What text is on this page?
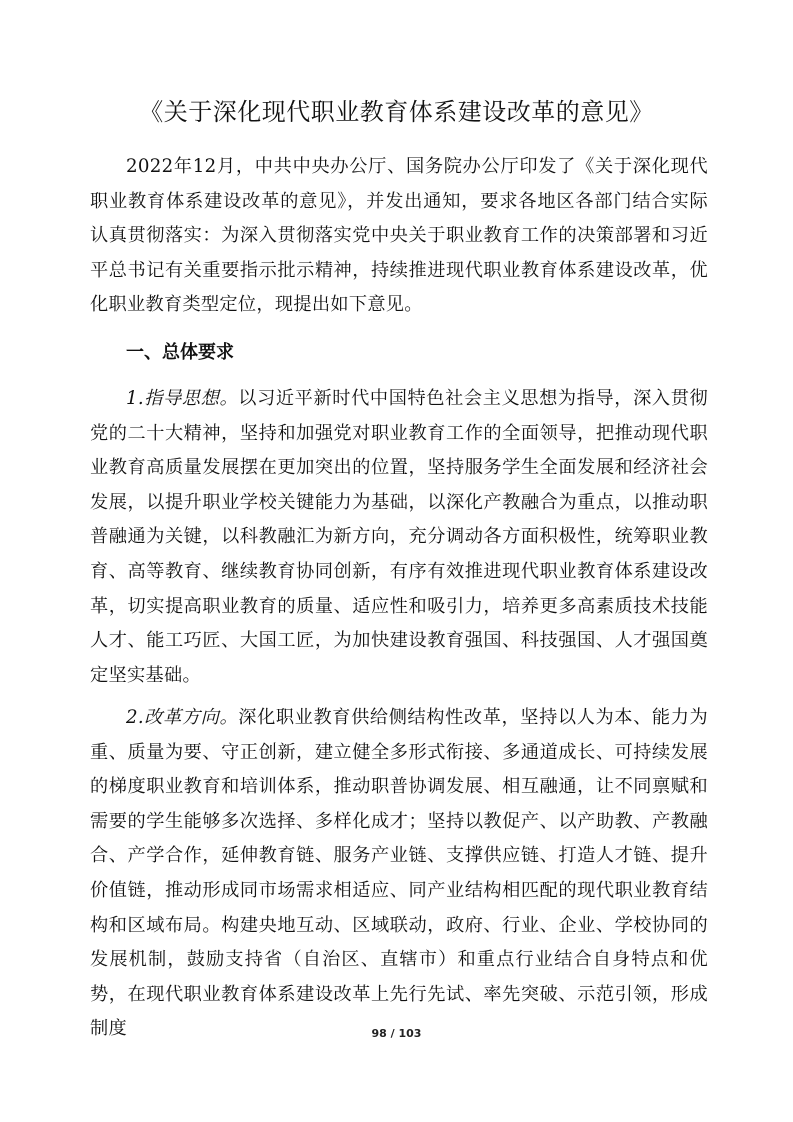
《关于深化现代职业教育体系建设改革的意见》

2022年12月，中共中央办公厅、国务院办公厅印发了《关于深化现代职业教育体系建设改革的意见》，并发出通知，要求各地区各部门结合实际认真贯彻落实：为深入贯彻落实党中央关于职业教育工作的决策部署和习近平总书记有关重要指示批示精神，持续推进现代职业教育体系建设改革，优化职业教育类型定位，现提出如下意见。

一、总体要求

1.指导思想。以习近平新时代中国特色社会主义思想为指导，深入贯彻党的二十大精神，坚持和加强党对职业教育工作的全面领导，把推动现代职业教育高质量发展摆在更加突出的位置，坚持服务学生全面发展和经济社会发展，以提升职业学校关键能力为基础，以深化产教融合为重点，以推动职普融通为关键，以科教融汇为新方向，充分调动各方面积极性，统筹职业教育、高等教育、继续教育协同创新，有序有效推进现代职业教育体系建设改革，切实提高职业教育的质量、适应性和吸引力，培养更多高素质技术技能人才、能工巧匠、大国工匠，为加快建设教育强国、科技强国、人才强国奠定坚实基础。

2.改革方向。深化职业教育供给侧结构性改革，坚持以人为本、能力为重、质量为要、守正创新，建立健全多形式衔接、多通道成长、可持续发展的梯度职业教育和培训体系，推动职普协调发展、相互融通，让不同禀赋和需要的学生能够多次选择、多样化成才；坚持以教促产、以产助教、产教融合、产学合作，延伸教育链、服务产业链、支撑供应链、打造人才链、提升价值链，推动形成同市场需求相适应、同产业结构相匹配的现代职业教育结构和区域布局。构建央地互动、区域联动，政府、行业、企业、学校协同的发展机制，鼓励支持省（自治区、直辖市）和重点行业结合自身特点和优势，在现代职业教育体系建设改革上先行先试、率先突破、示范引领，形成制度	98 / 103
